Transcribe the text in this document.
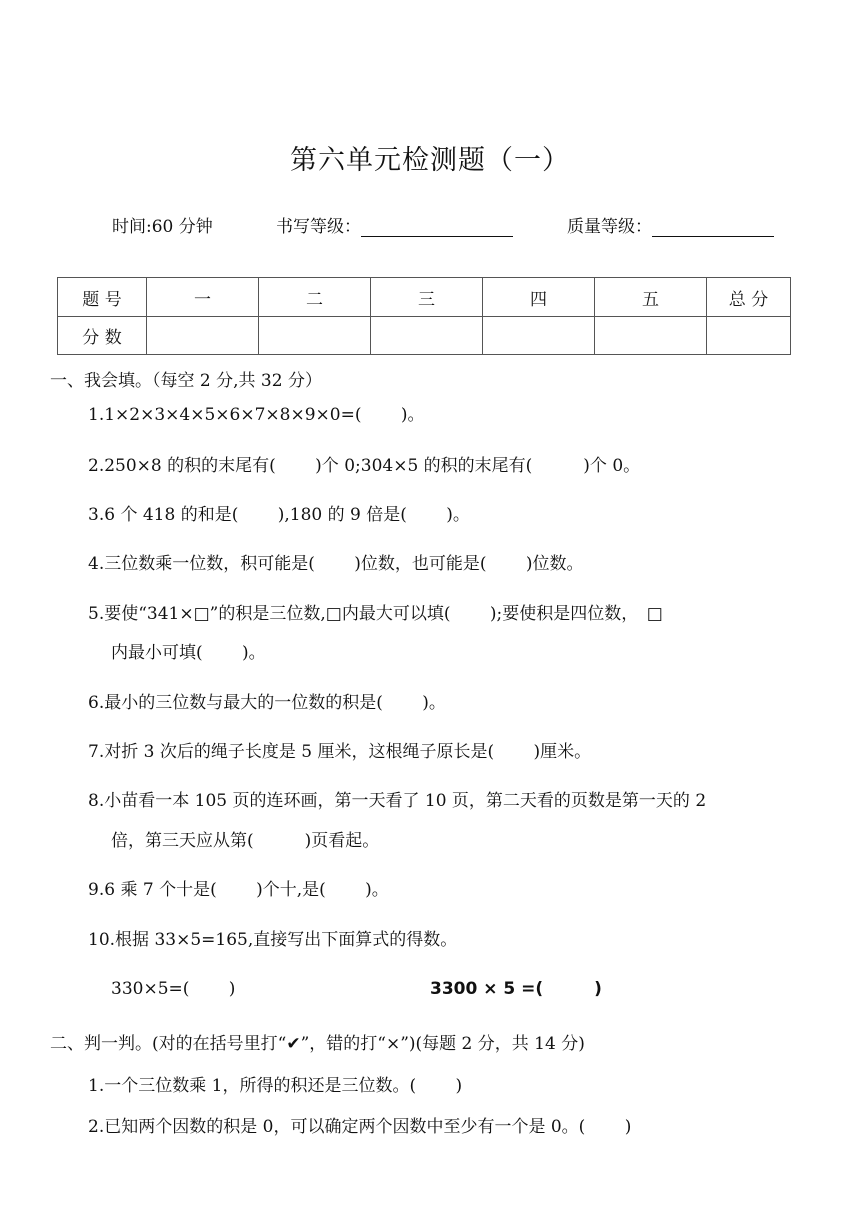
第六单元检测题（一）
时间:60 分钟	书写等级：	质量等级：
题 号	一	二	三	四	五	总 分
分 数						
一、我会填。（每空 2 分,共 32 分）
1.1×2×3×4×5×6×7×8×9×0=(　　 )。
2.250×8 的积的末尾有(　　 )个 0;304×5 的积的末尾有(　　　)个 0。
3.6 个 418 的和是(　　 ),180 的 9 倍是(　　 )。
4.三位数乘一位数，积可能是(　　 )位数，也可能是(　　 )位数。
5.要使“341×□”的积是三位数,□内最大可以填(　　 );要使积是四位数，　□
内最小可填(　　 )。
6.最小的三位数与最大的一位数的积是(　　 )。
7.对折 3 次后的绳子长度是 5 厘米，这根绳子原长是(　　 )厘米。
8.小苗看一本 105 页的连环画，第一天看了 10 页，第二天看的页数是第一天的 2
倍，第三天应从第(　　　)页看起。
9.6 乘 7 个十是(　　 )个十,是(　　 )。
10.根据 33×5=165,直接写出下面算式的得数。
330×5=(　　 )	3300 × 5 =(　　　)
二、判一判。(对的在括号里打“✔”，错的打“×”)(每题 2 分，共 14 分)
1.一个三位数乘 1，所得的积还是三位数。(　　 )
2.已知两个因数的积是 0，可以确定两个因数中至少有一个是 0。(　　 )
